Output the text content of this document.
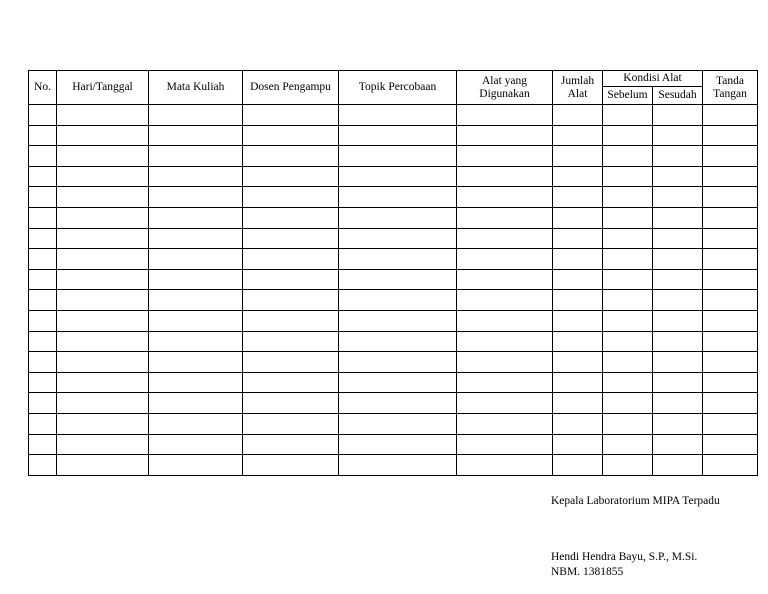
No.	Hari/Tanggal	Mata Kuliah	Dosen Pengampu	Topik Percobaan	Alat yang Digunakan	Jumlah Alat	Kondisi Alat		Tanda Tangan
							Sebelum	Sesudah	

Kepala Laboratorium MIPA Terpadu
Hendi Hendra Bayu, S.P., M.Si.
NBM. 1381855
